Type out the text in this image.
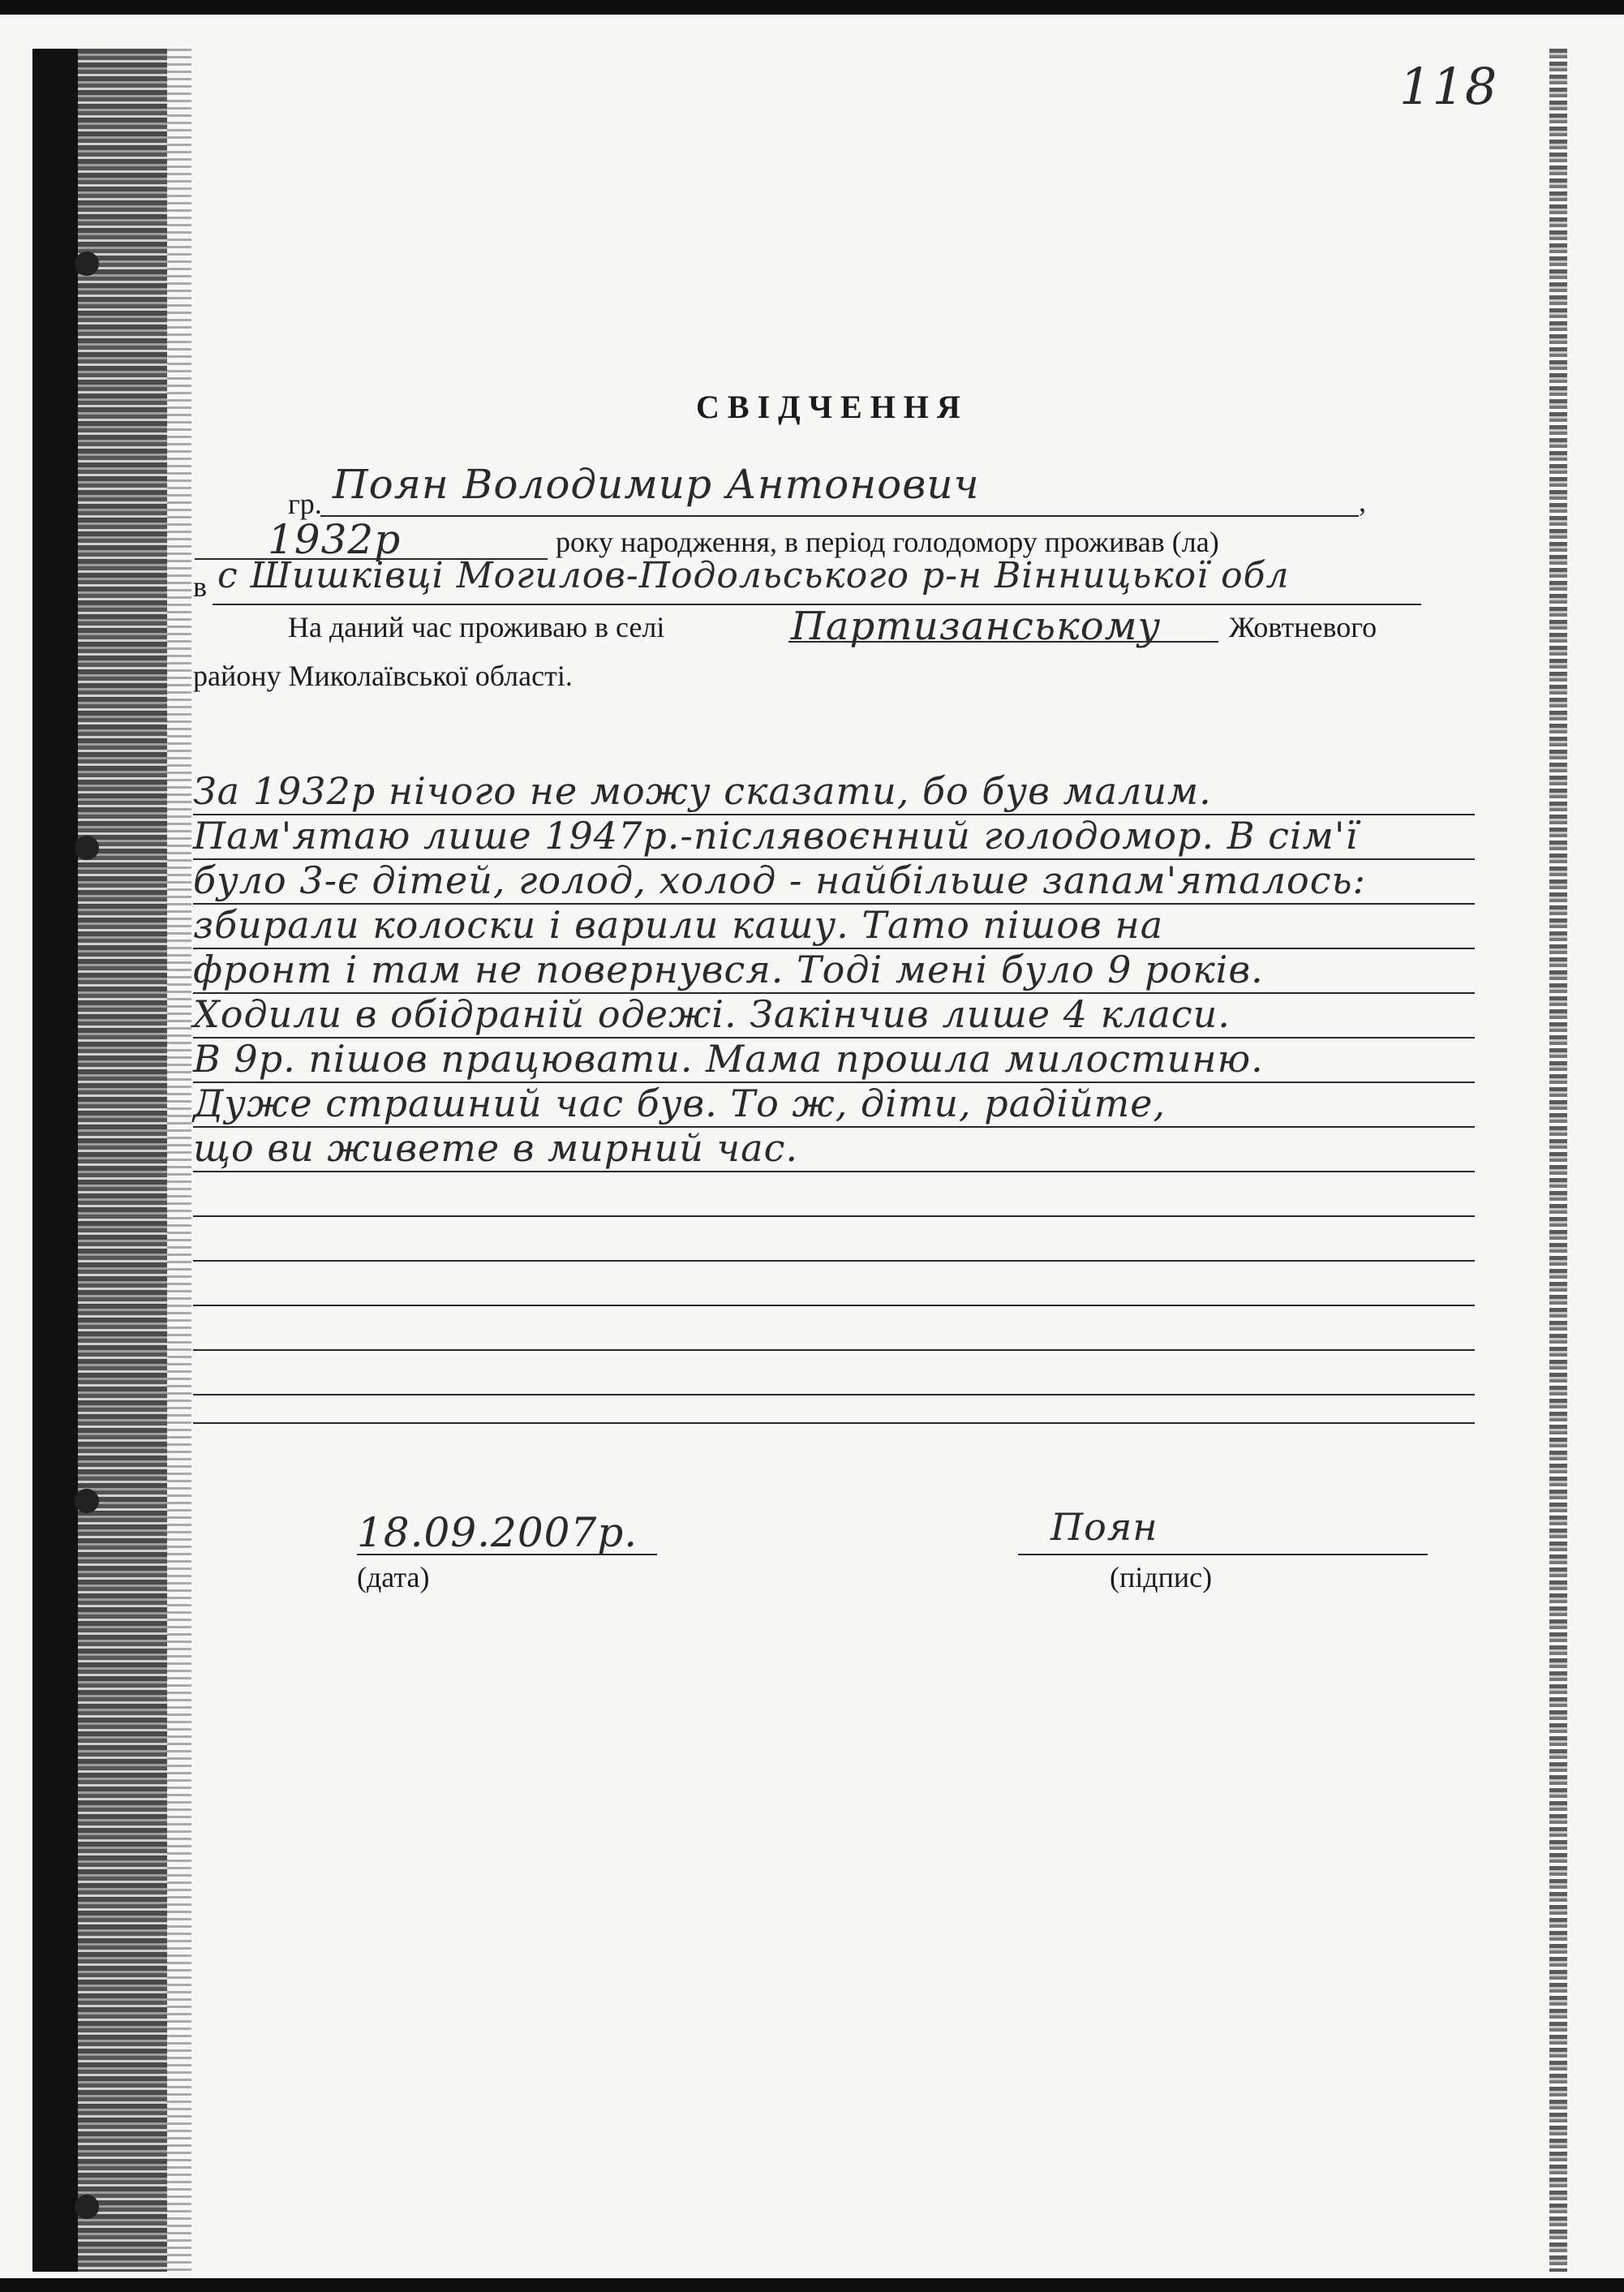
118
СВІДЧЕННЯ
гр. Поян Володимир Антонович	,
1932р	року народження, в період голодомору проживав (ла)
в с Шишківці Могилов-Подольського р-н Вінницької обл
На даний час проживаю в селі	Партизанському Жовтневого
району Миколаївської області.
За 1932р нічого не можу сказати, бо був малим.
Пам'ятаю лише 1947р.-післявоєнний голодомор. В сім'ї
було 3-є дітей, голод, холод - найбільше запам'яталось:
збирали колоски і варили кашу. Тато пішов на
фронт і там не повернувся. Тоді мені було 9 років.
Ходили в обідраній одежі. Закінчив лише 4 класи.
В 9р. пішов працювати. Мама прошла милостиню.
Дуже страшний час був. То ж, діти, радійте,
що ви живете в мирний час.
18.09.2007р.
(дата)
Поян
(підпис)
